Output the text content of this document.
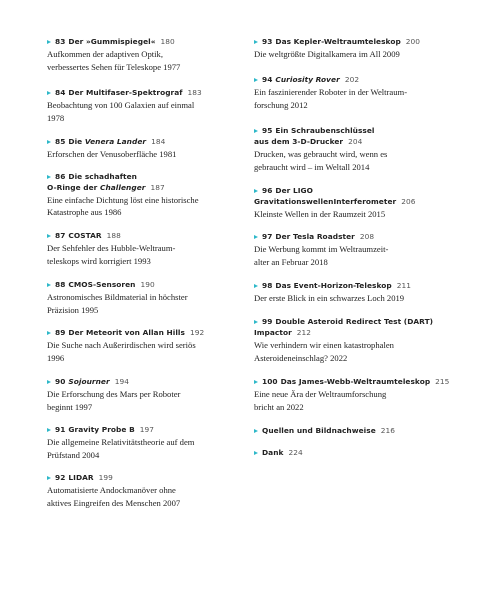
83 Der »Gummispiegel« 180
Aufkommen der adaptiven Optik,
verbessertes Sehen für Teleskope 1977
84 Der Multifaser-Spektrograf 183
Beobachtung von 100 Galaxien auf einmal
1978
85 Die Venera Lander 184
Erforschen der Venusoberfläche 1981
86 Die schadhaften
O-Ringe der Challenger 187
Eine einfache Dichtung löst eine historische
Katastrophe aus 1986
87 COSTAR 188
Der Sehfehler des Hubble-Weltraum-
teleskops wird korrigiert 1993
88 CMOS-Sensoren 190
Astronomisches Bildmaterial in höchster
Präzision 1995
89 Der Meteorit von Allan Hills 192
Die Suche nach Außerirdischen wird seriös
1996
90 Sojourner 194
Die Erforschung des Mars per Roboter
beginnt 1997
91 Gravity Probe B 197
Die allgemeine Relativitätstheorie auf dem
Prüfstand 2004
92 LIDAR 199
Automatisierte Andockmanöver ohne
aktives Eingreifen des Menschen 2007
93 Das Kepler-Weltraumteleskop 200
Die weltgrößte Digitalkamera im All 2009
94 Curiosity Rover 202
Ein faszinierender Roboter in der Weltraum-
forschung 2012
95 Ein Schraubenschlüssel
aus dem 3-D-Drucker 204
Drucken, was gebraucht wird, wenn es
gebraucht wird – im Weltall 2014
96 Der LIGO
GravitationswellenInterferometer 206
Kleinste Wellen in der Raumzeit 2015
97 Der Tesla Roadster 208
Die Werbung kommt im Weltraumzeit-
alter an Februar 2018
98 Das Event-Horizon-Teleskop 211
Der erste Blick in ein schwarzes Loch 2019
99 Double Asteroid Redirect Test (DART)
Impactor 212
Wie verhindern wir einen katastrophalen
Asteroideneinschlag? 2022
100 Das James-Webb-Weltraumteleskop 215
Eine neue Ära der Weltraumforschung
bricht an 2022
Quellen und Bildnachweise 216
Dank 224
